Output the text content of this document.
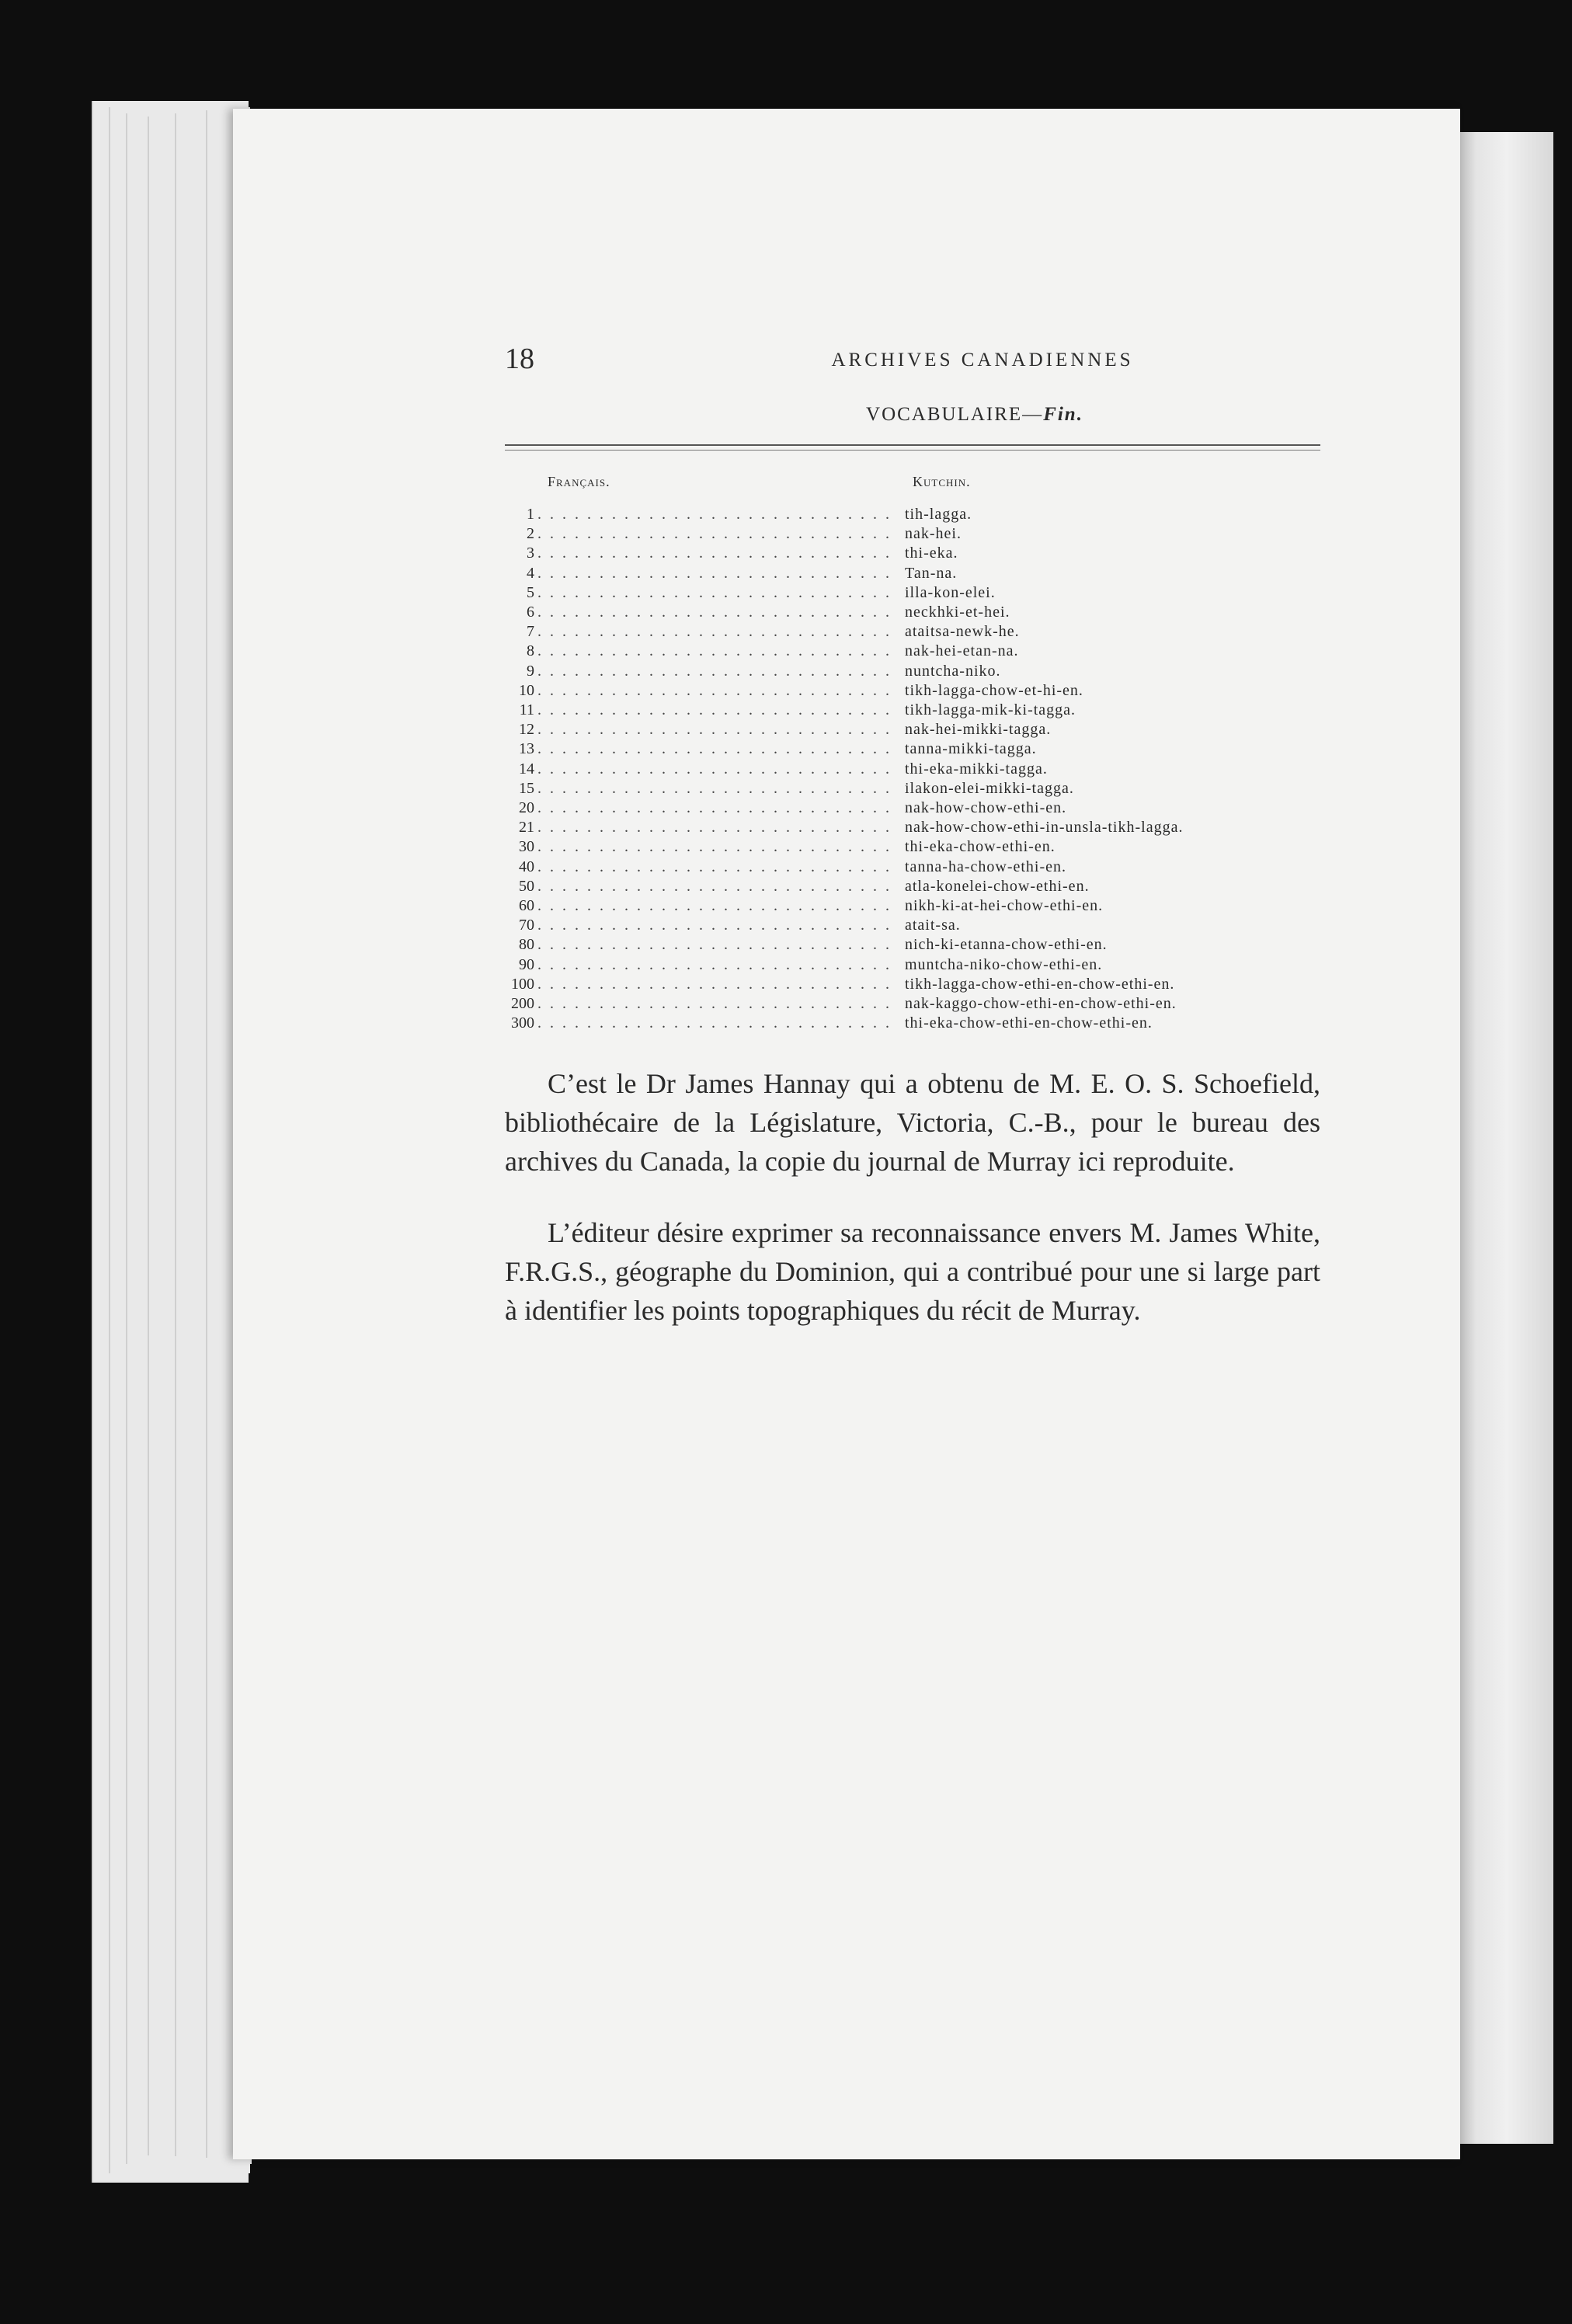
18	ARCHIVES CANADIENNES
VOCABULAIRE—Fin.
Français.	Kutchin.
1 . . .	tih-lagga.
2 . . .	nak-hei.
3 . . .	thi-eka.
4 . . .	Tan-na.
5 . . .	illa-kon-elei.
6 . . .	neckhki-et-hei.
7 . . .	ataitsa-newk-he.
8 . . .	nak-hei-etan-na.
9 . . .	nuntcha-niko.
10 . . .	tikh-lagga-chow-et-hi-en.
11 . . .	tikh-lagga-mik-ki-tagga.
12 . . .	nak-hei-mikki-tagga.
13 . . .	tanna-mikki-tagga.
14 . . .	thi-eka-mikki-tagga.
15 . . .	ilakon-elei-mikki-tagga.
20 . . .	nak-how-chow-ethi-en.
21 . . .	nak-how-chow-ethi-in-unsla-tikh-lagga.
30 . . .	thi-eka-chow-ethi-en.
40 . . .	tanna-ha-chow-ethi-en.
50 . . .	atla-konelei-chow-ethi-en.
60 . . .	nikh-ki-at-hei-chow-ethi-en.
70 . . .	atait-sa.
80 . . .	nich-ki-etanna-chow-ethi-en.
90 . . .	muntcha-niko-chow-ethi-en.
100 . . .	tikh-lagga-chow-ethi-en-chow-ethi-en.
200 . . .	nak-kaggo-chow-ethi-en-chow-ethi-en.
300 . . .	thi-eka-chow-ethi-en-chow-ethi-en.

C’est le Dr James Hannay qui a obtenu de M. E. O. S. Schoefield, bibliothécaire de la Législature, Victoria, C.-B., pour le bureau des archives du Canada, la copie du journal de Murray ici reproduite.

L’éditeur désire exprimer sa reconnaissance envers M. James White, F.R.G.S., géographe du Dominion, qui a contribué pour une si large part à identifier les points topographiques du récit de Murray.
